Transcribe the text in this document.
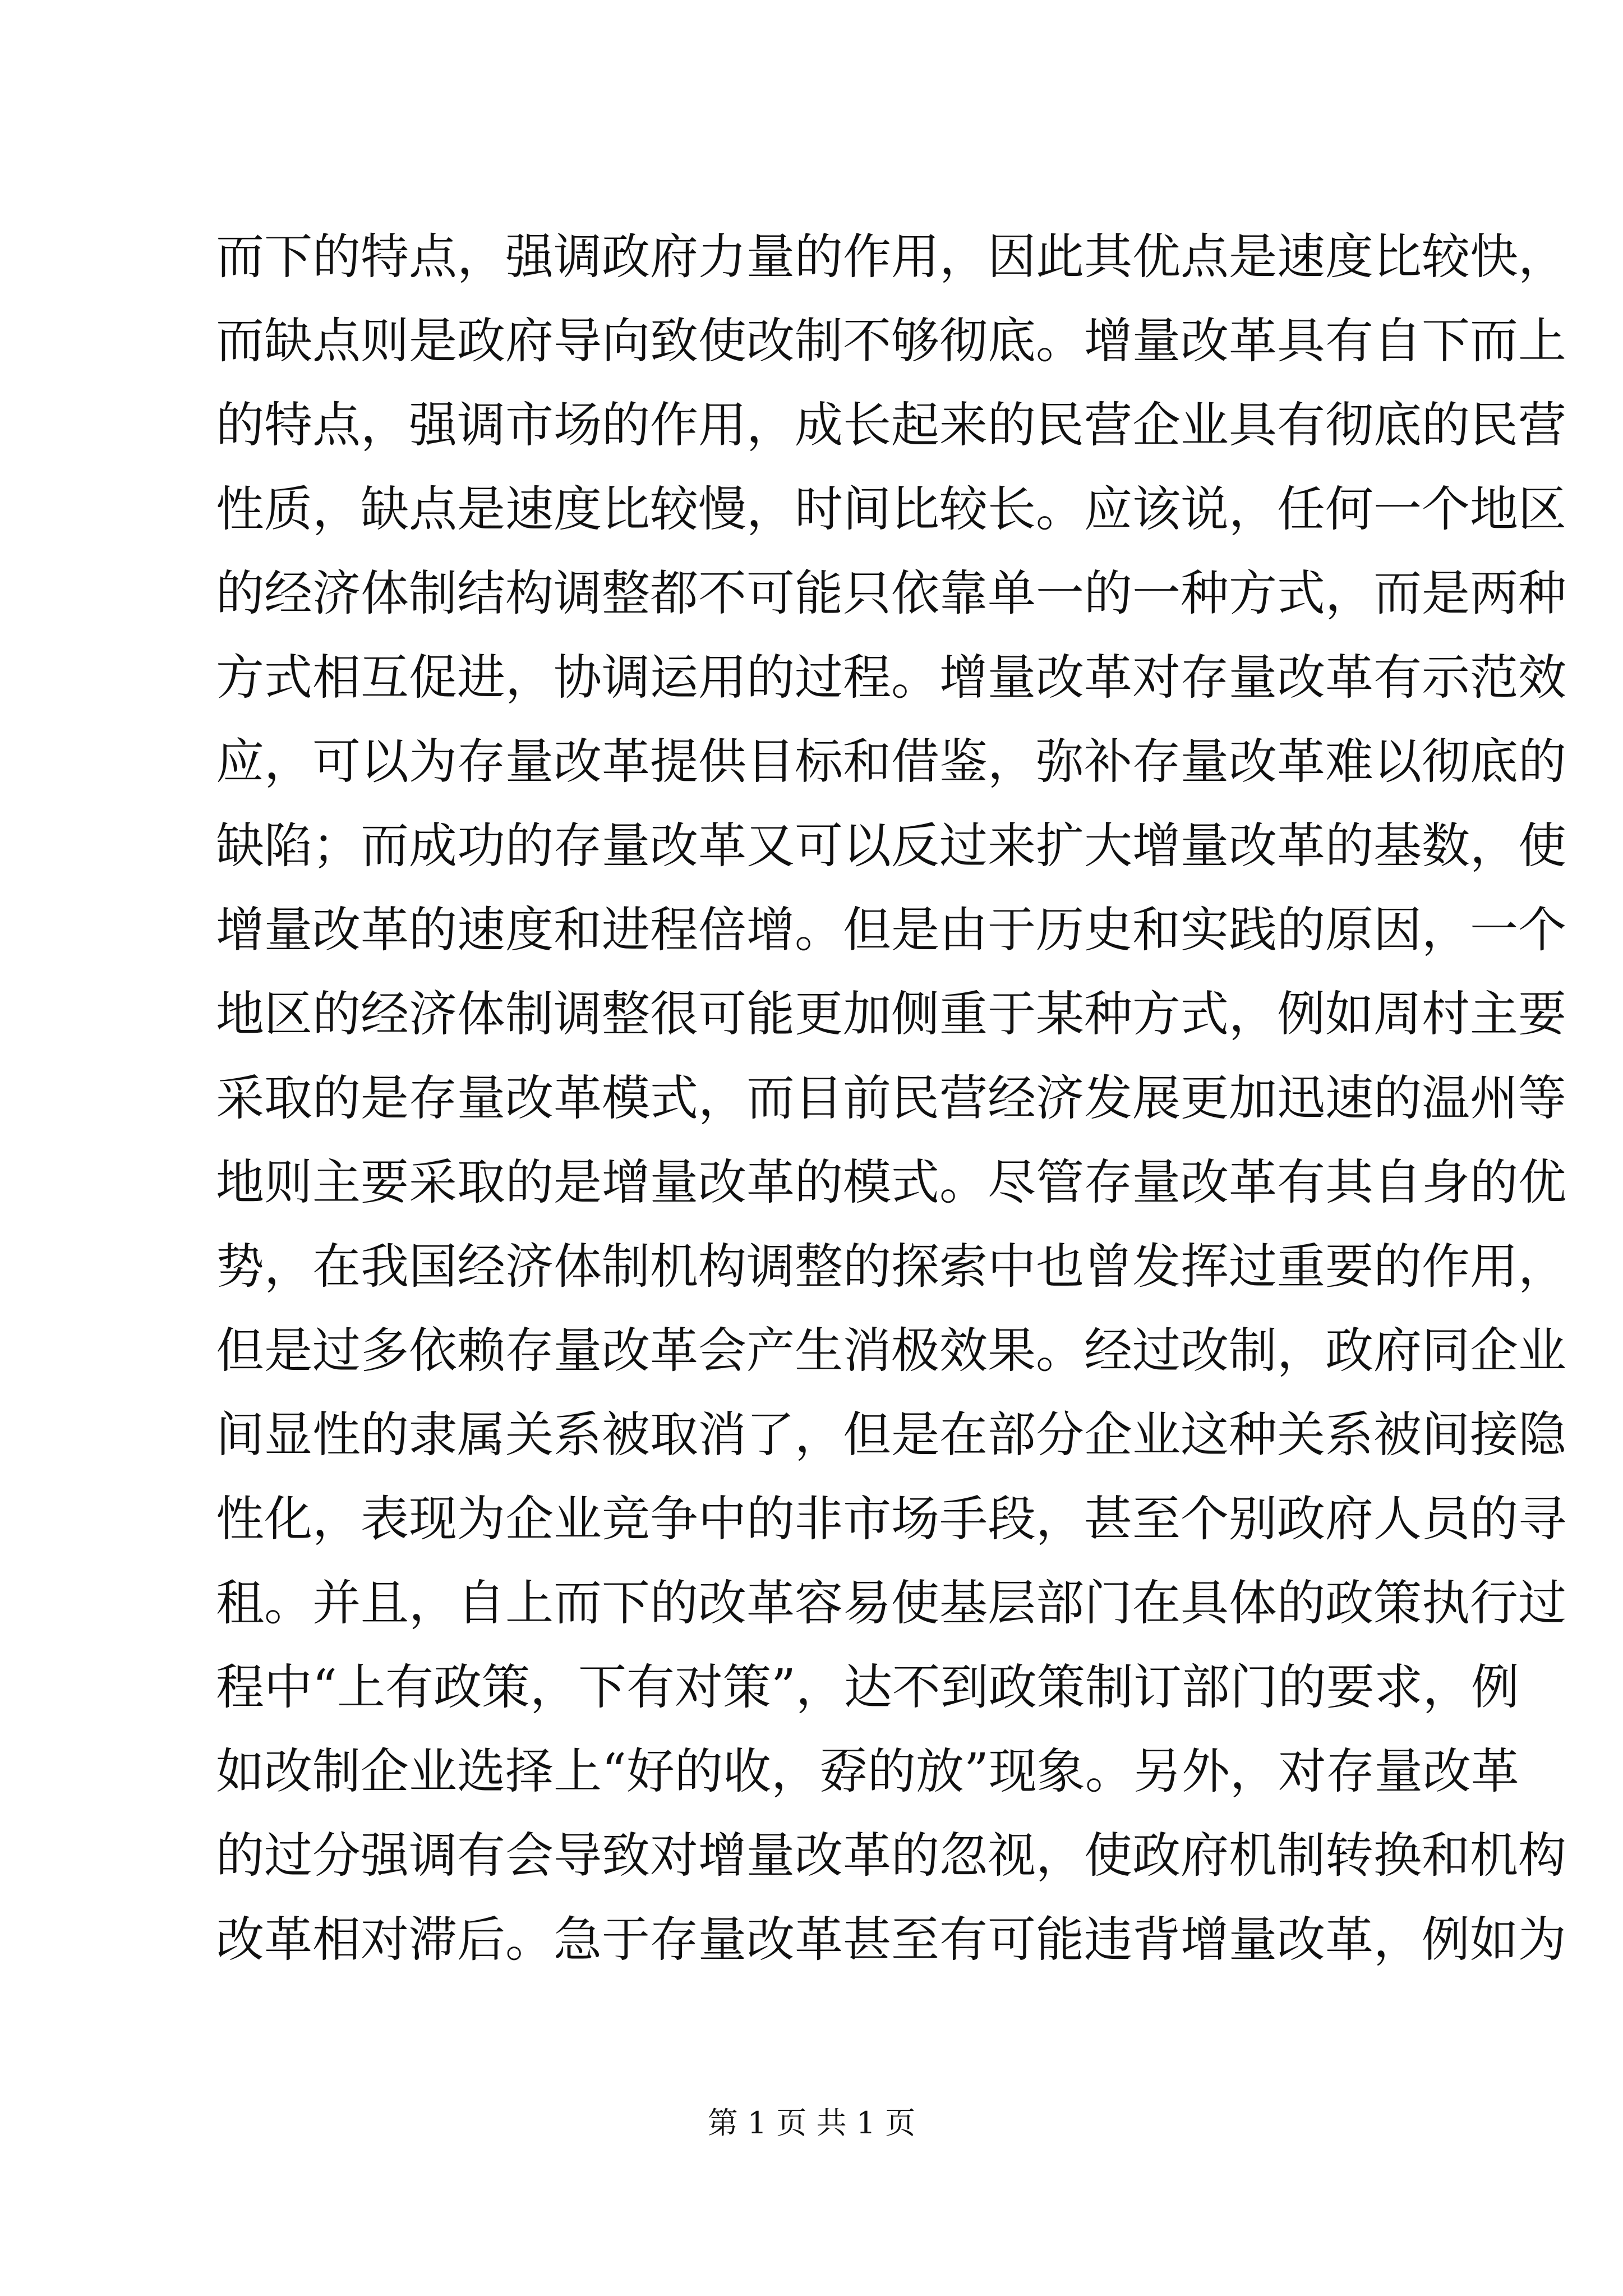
而下的特点，强调政府力量的作用，因此其优点是速度比较快，
而缺点则是政府导向致使改制不够彻底。增量改革具有自下而上
的特点，强调市场的作用，成长起来的民营企业具有彻底的民营
性质，缺点是速度比较慢，时间比较长。应该说，任何一个地区
的经济体制结构调整都不可能只依靠单一的一种方式，而是两种
方式相互促进，协调运用的过程。增量改革对存量改革有示范效
应，可以为存量改革提供目标和借鉴，弥补存量改革难以彻底的
缺陷；而成功的存量改革又可以反过来扩大增量改革的基数，使
增量改革的速度和进程倍增。但是由于历史和实践的原因，一个
地区的经济体制调整很可能更加侧重于某种方式，例如周村主要
采取的是存量改革模式，而目前民营经济发展更加迅速的温州等
地则主要采取的是增量改革的模式。尽管存量改革有其自身的优
势，在我国经济体制机构调整的探索中也曾发挥过重要的作用，
但是过多依赖存量改革会产生消极效果。经过改制，政府同企业
间显性的隶属关系被取消了，但是在部分企业这种关系被间接隐
性化，表现为企业竞争中的非市场手段，甚至个别政府人员的寻
租。并且，自上而下的改革容易使基层部门在具体的政策执行过
程中“上有政策，下有对策”，达不到政策制订部门的要求，例
如改制企业选择上“好的收，孬的放”现象。另外，对存量改革
的过分强调有会导致对增量改革的忽视，使政府机制转换和机构
改革相对滞后。急于存量改革甚至有可能违背增量改革，例如为
第 1 页 共 1 页
